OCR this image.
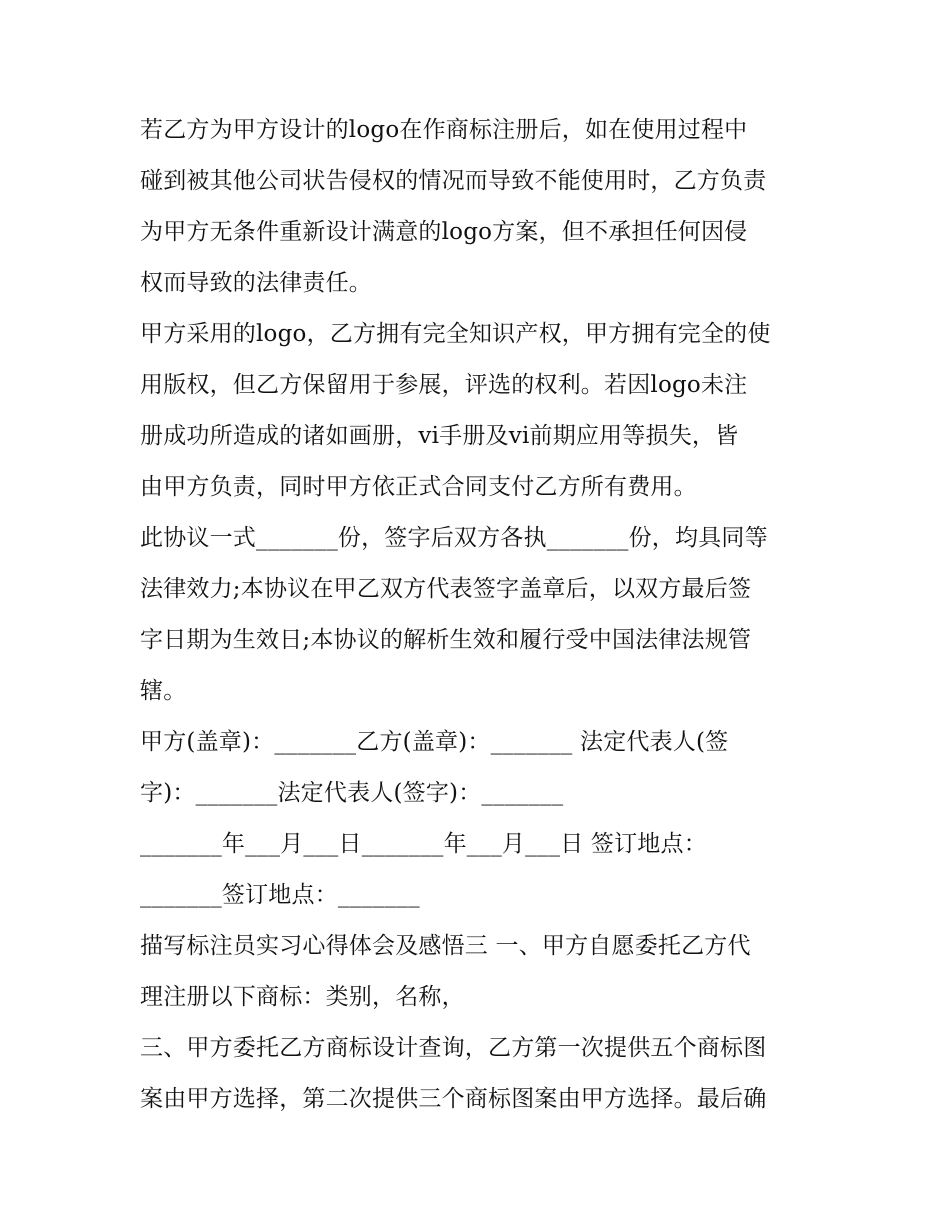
若乙方为甲方设计的logo在作商标注册后，如在使用过程中
碰到被其他公司状告侵权的情况而导致不能使用时，乙方负责
为甲方无条件重新设计满意的logo方案，但不承担任何因侵
权而导致的法律责任。
甲方采用的logo，乙方拥有完全知识产权，甲方拥有完全的使
用版权，但乙方保留用于参展，评选的权利。若因logo未注
册成功所造成的诸如画册，vi手册及vi前期应用等损失，皆
由甲方负责，同时甲方依正式合同支付乙方所有费用。
此协议一式_______份，签字后双方各执_______份，均具同等
法律效力;本协议在甲乙双方代表签字盖章后，以双方最后签
字日期为生效日;本协议的解析生效和履行受中国法律法规管
辖。
甲方(盖章)：_______乙方(盖章)：_______ 法定代表人(签
字)：_______法定代表人(签字)：_______
_______年___月___日_______年___月___日 签订地点：
_______签订地点：_______
描写标注员实习心得体会及感悟三 一、甲方自愿委托乙方代
理注册以下商标：类别，名称，
三、甲方委托乙方商标设计查询，乙方第一次提供五个商标图
案由甲方选择，第二次提供三个商标图案由甲方选择。最后确
